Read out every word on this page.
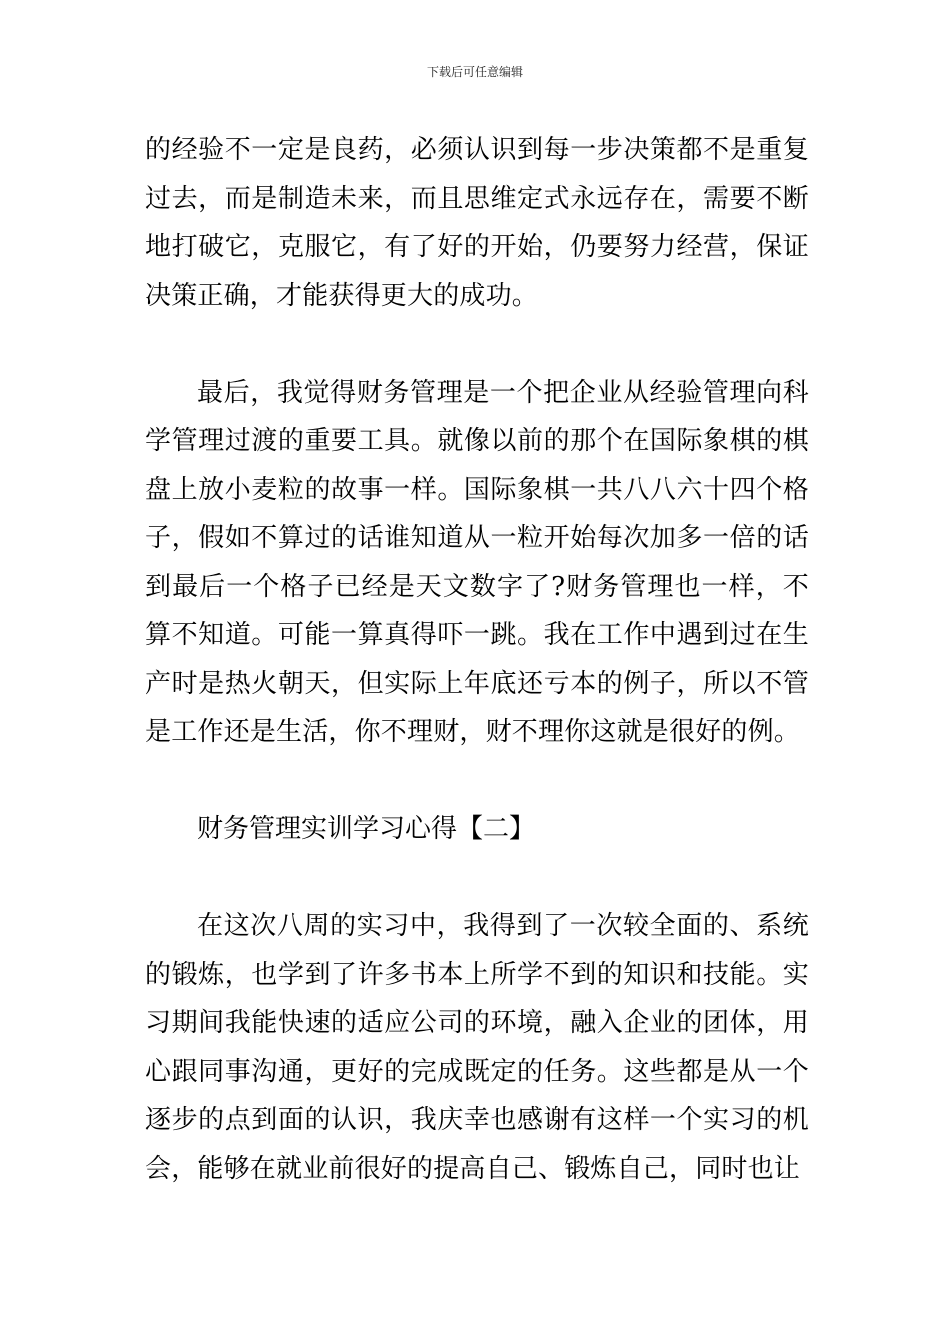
下载后可任意编辑

的经验不一定是良药，必须认识到每一步决策都不是重复过去，而是制造未来，而且思维定式永远存在，需要不断地打破它，克服它，有了好的开始，仍要努力经营，保证决策正确，才能获得更大的成功。

最后，我觉得财务管理是一个把企业从经验管理向科学管理过渡的重要工具。就像以前的那个在国际象棋的棋盘上放小麦粒的故事一样。国际象棋一共八八六十四个格子，假如不算过的话谁知道从一粒开始每次加多一倍的话到最后一个格子已经是天文数字了?财务管理也一样，不算不知道。可能一算真得吓一跳。我在工作中遇到过在生产时是热火朝天，但实际上年底还亏本的例子，所以不管是工作还是生活，你不理财，财不理你这就是很好的例。

财务管理实训学习心得【二】

在这次八周的实习中，我得到了一次较全面的、系统的锻炼，也学到了许多书本上所学不到的知识和技能。实习期间我能快速的适应公司的环境，融入企业的团体，用心跟同事沟通，更好的完成既定的任务。这些都是从一个逐步的点到面的认识，我庆幸也感谢有这样一个实习的机会，能够在就业前很好的提高自己、锻炼自己，同时也让
